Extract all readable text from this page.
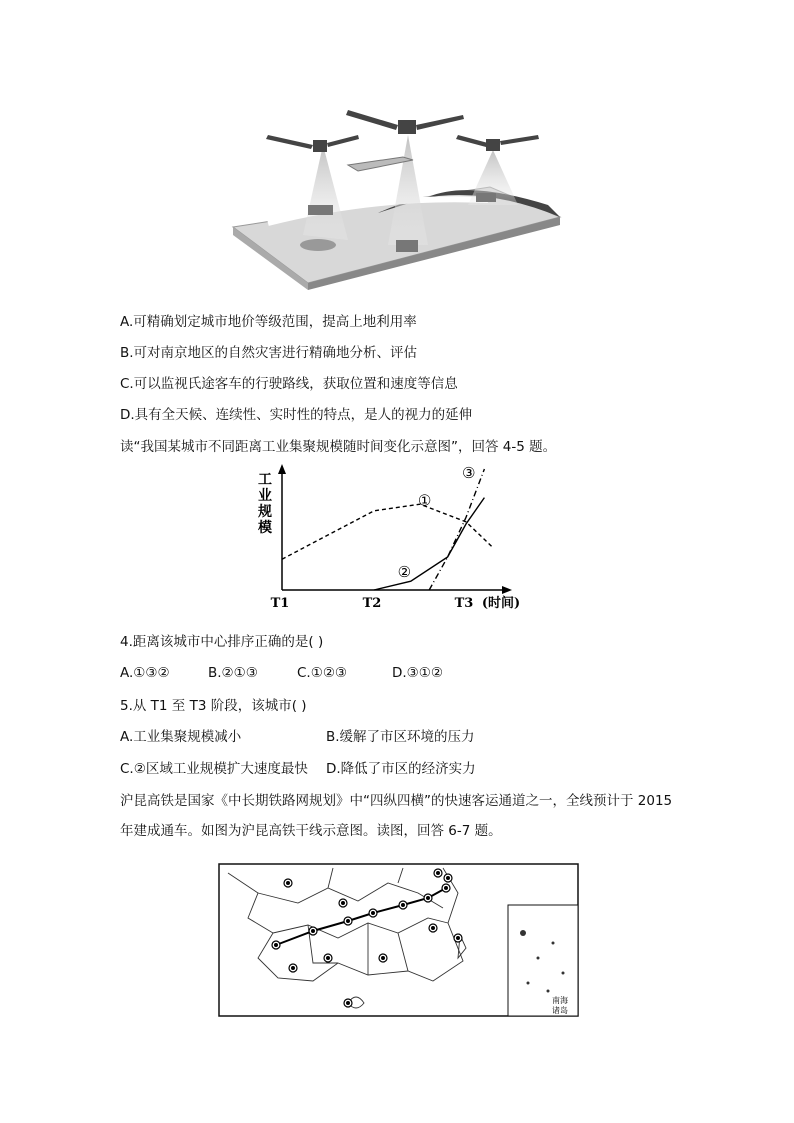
A.可精确划定城市地价等级范围，提高上地利用率
B.可对南京地区的自然灾害进行精确地分析、评估
C.可以监视氏途客车的行驶路线，获取位置和速度等信息
D.具有全天候、连续性、实时性的特点，是人的视力的延伸
读“我国某城市不同距离工业集聚规模随时间变化示意图”，回答 4-5 题。
工业规模
T1	T2	T3 (时间)
①
②
③
4.距离该城市中心排序正确的是( )
A.①③②	B.②①③	C.①②③	D.③①②
5.从 T1 至 T3 阶段，该城市( )
A.工业集聚规模减小	B.缓解了市区环境的压力
C.②区域工业规模扩大速度最快 D.降低了市区的经济实力
沪昆高铁是国家《中长期铁路网规划》中“四纵四横”的快速客运通道之一，全线预计于 2015
年建成通车。如图为沪昆高铁干线示意图。读图，回答 6-7 题。
南海
诸岛
